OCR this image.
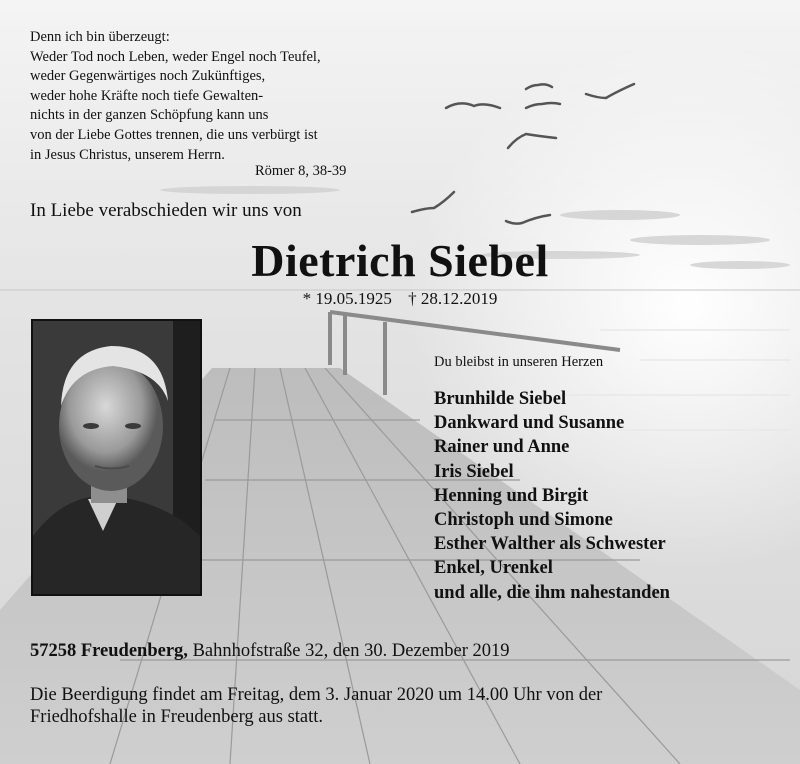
Denn ich bin überzeugt:
Weder Tod noch Leben, weder Engel noch Teufel,
weder Gegenwärtiges noch Zukünftiges,
weder hohe Kräfte noch tiefe Gewalten-
nichts in der ganzen Schöpfung kann uns
von der Liebe Gottes trennen, die uns verbürgt ist
in Jesus Christus, unserem Herrn.
Römer 8, 38-39
In Liebe verabschieden wir uns von
Dietrich Siebel
* 19.05.1925 † 28.12.2019
Du bleibst in unseren Herzen
Brunhilde Siebel
Dankward und Susanne
Rainer und Anne
Iris Siebel
Henning und Birgit
Christoph und Simone
Esther Walther als Schwester
Enkel, Urenkel
und alle, die ihm nahestanden
57258 Freudenberg, Bahnhofstraße 32, den 30. Dezember 2019
Die Beerdigung findet am Freitag, dem 3. Januar 2020 um 14.00 Uhr von der
Friedhofshalle in Freudenberg aus statt.
